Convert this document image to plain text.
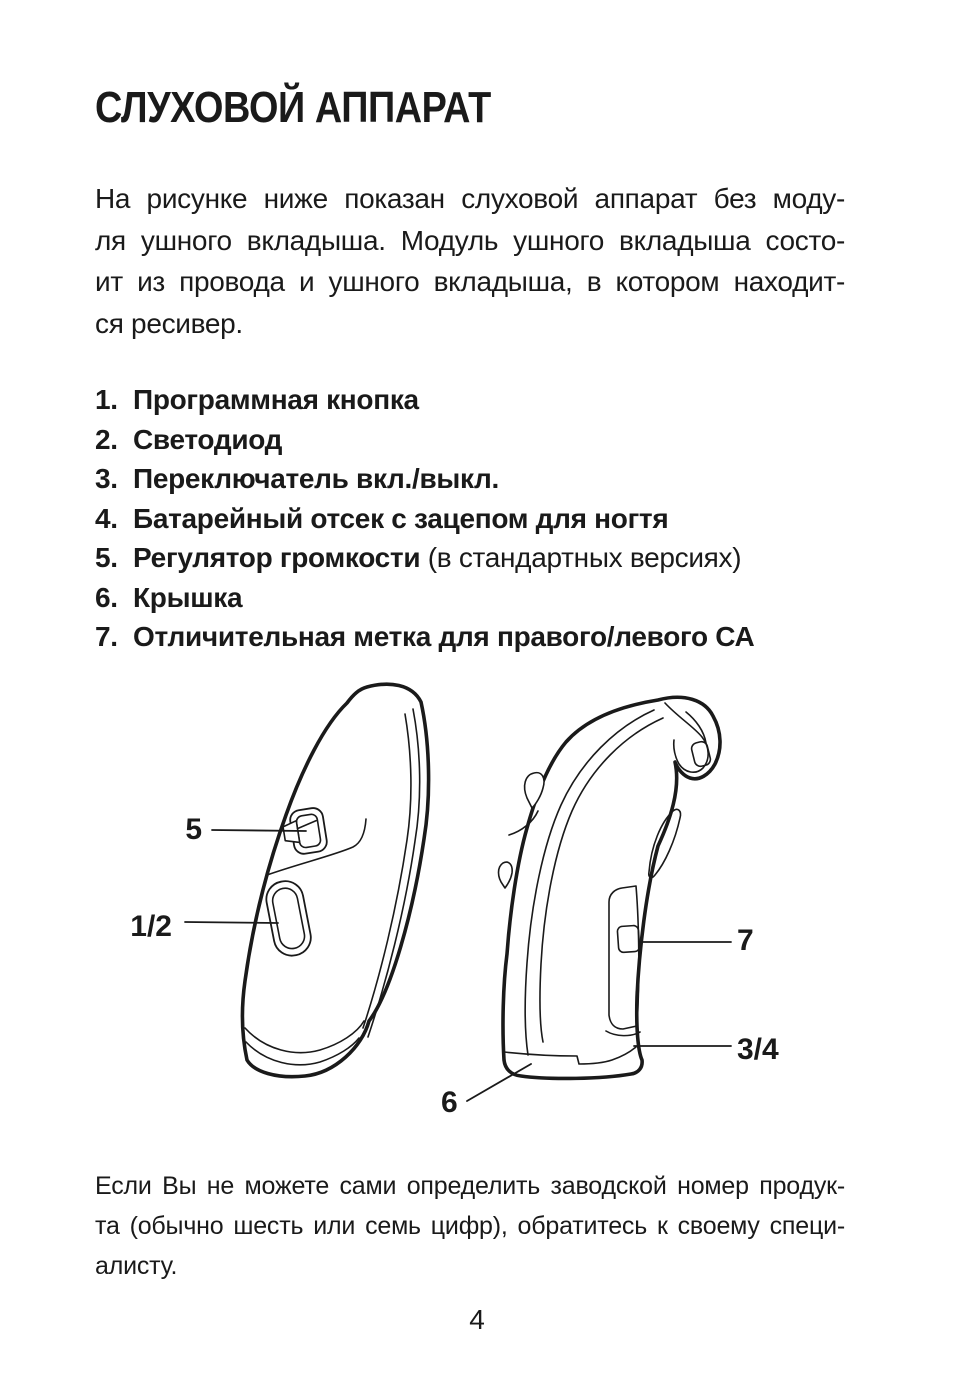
СЛУХОВОЙ АППАРАТ
На рисунке ниже показан слуховой аппарат без моду-
ля ушного вкладыша. Модуль ушного вкладыша состо-
ит из провода и ушного вкладыша, в котором находит-
ся ресивер.
1. Программная кнопка
2. Светодиод
3. Переключатель вкл./выкл.
4. Батарейный отсек с зацепом для ногтя
5. Регулятор громкости (в стандартных версиях)
6. Крышка
7. Отличительная метка для правого/левого СА
5
1/2	7
3/4
6
Если Вы не можете сами определить заводской номер продук-
та (обычно шесть или семь цифр), обратитесь к своему специ-
алисту.
4
